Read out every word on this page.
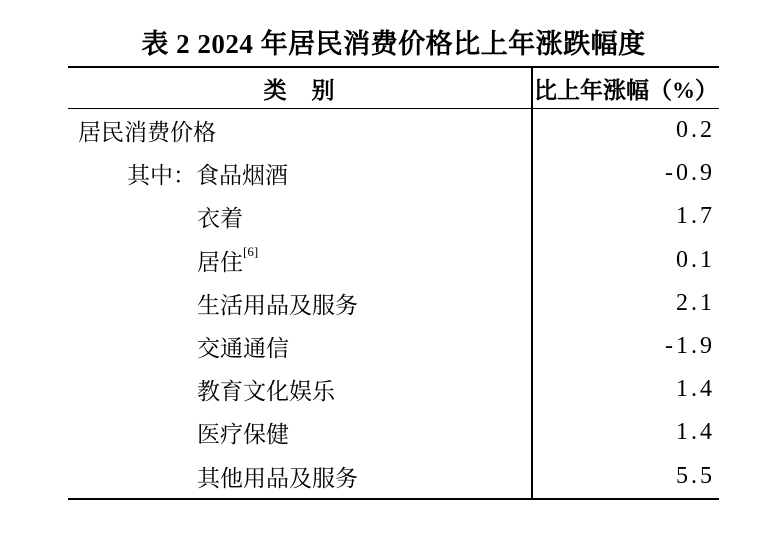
表 2 2024 年居民消费价格比上年涨跌幅度
类　别	比上年涨幅（%）
居民消费价格	0.2
其中：食品烟酒	-0.9
衣着	1.7
居住 [6]	0.1
生活用品及服务	2.1
交通通信	-1.9
教育文化娱乐	1.4
医疗保健	1.4
其他用品及服务	5.5
